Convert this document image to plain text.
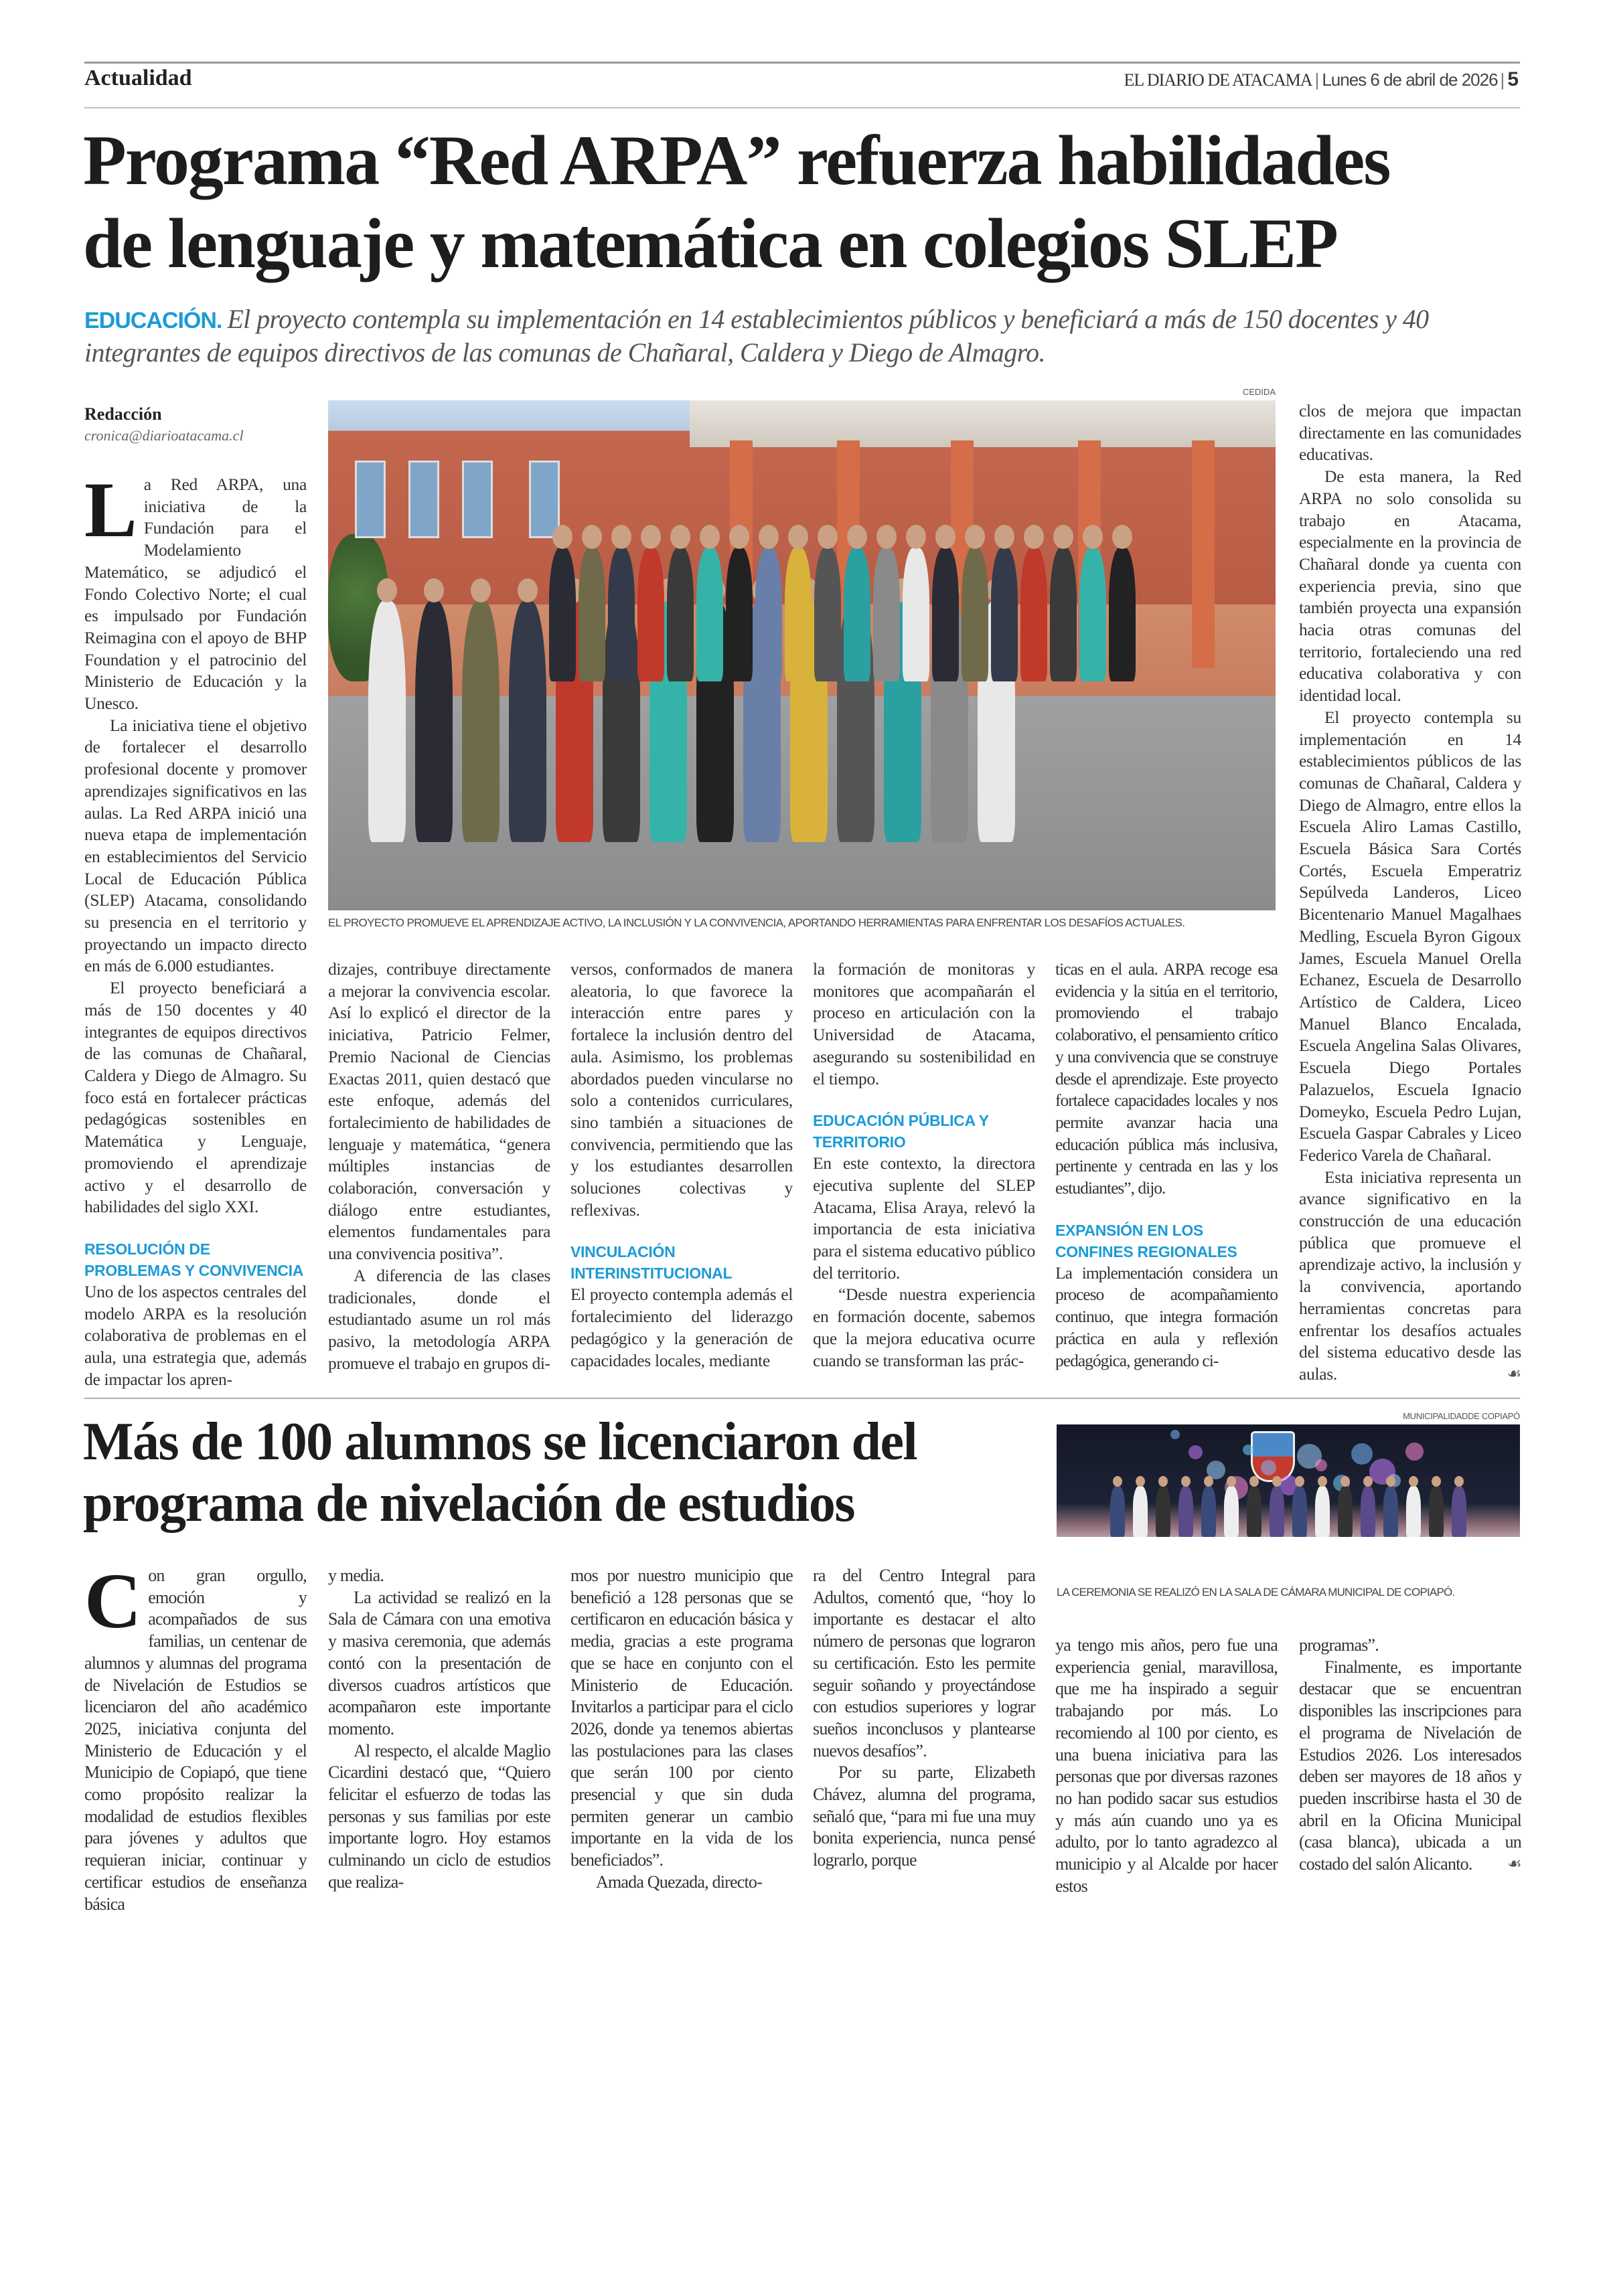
Actualidad	EL DIARIO DE ATACAMA | Lunes 6 de abril de 2026 | 5
Programa “Red ARPA” refuerza habilidades
de lenguaje y matemática en colegios SLEP
EDUCACIÓN. El proyecto contempla su implementación en 14 establecimientos públicos y beneficiará a más de 150 docentes y 40 integrantes de equipos directivos de las comunas de Chañaral, Caldera y Diego de Almagro.
Redacción
cronica@diarioatacama.cl
CEDIDA
EL PROYECTO PROMUEVE EL APRENDIZAJE ACTIVO, LA INCLUSIÓN Y LA CONVIVENCIA, APORTANDO HERRAMIENTAS PARA ENFRENTAR LOS DESAFÍOS ACTUALES.

La Red ARPA, una iniciativa de la Fundación para el Modelamiento Matemático, se adjudicó el Fondo Colectivo Norte; el cual es impulsado por Fundación Reimagina con el apoyo de BHP Foundation y el patrocinio del Ministerio de Educación y la Unesco.

La iniciativa tiene el objetivo de fortalecer el desarrollo profesional docente y promover aprendizajes significativos en las aulas. La Red ARPA inició una nueva etapa de implementación en establecimientos del Servicio Local de Educación Pública (SLEP) Atacama, consolidando su presencia en el territorio y proyectando un impacto directo en más de 6.000 estudiantes.

El proyecto beneficiará a más de 150 docentes y 40 integrantes de equipos directivos de las comunas de Chañaral, Caldera y Diego de Almagro. Su foco está en fortalecer prácticas pedagógicas sostenibles en Matemática y Lenguaje, promoviendo el aprendizaje activo y el desarrollo de habilidades del siglo XXI.

RESOLUCIÓN DE PROBLEMAS Y CONVIVENCIA

Uno de los aspectos centrales del modelo ARPA es la resolución colaborativa de problemas en el aula, una estrategia que, además de impactar los apren-

dizajes, contribuye directamente a mejorar la convivencia escolar. Así lo explicó el director de la iniciativa, Patricio Felmer, Premio Nacional de Ciencias Exactas 2011, quien destacó que este enfoque, además del fortalecimiento de habilidades de lenguaje y matemática, “genera múltiples instancias de colaboración, conversación y diálogo entre estudiantes, elementos fundamentales para una convivencia positiva”.

A diferencia de las clases tradicionales, donde el estudiantado asume un rol más pasivo, la metodología ARPA promueve el trabajo en grupos di-

versos, conformados de manera aleatoria, lo que favorece la interacción entre pares y fortalece la inclusión dentro del aula. Asimismo, los problemas abordados pueden vincularse no solo a contenidos curriculares, sino también a situaciones de convivencia, permitiendo que las y los estudiantes desarrollen soluciones colectivas y reflexivas.

VINCULACIÓN INTERINSTITUCIONAL

El proyecto contempla además el fortalecimiento del liderazgo pedagógico y la generación de capacidades locales, mediante

la formación de monitoras y monitores que acompañarán el proceso en articulación con la Universidad de Atacama, asegurando su sostenibilidad en el tiempo.

EDUCACIÓN PÚBLICA Y TERRITORIO

En este contexto, la directora ejecutiva suplente del SLEP Atacama, Elisa Araya, relevó la importancia de esta iniciativa para el sistema educativo público del territorio.

“Desde nuestra experiencia en formación docente, sabemos que la mejora educativa ocurre cuando se transforman las prác-

ticas en el aula. ARPA recoge esa evidencia y la sitúa en el territorio, promoviendo el trabajo colaborativo, el pensamiento crítico y una convivencia que se construye desde el aprendizaje. Este proyecto fortalece capacidades locales y nos permite avanzar hacia una educación pública más inclusiva, pertinente y centrada en las y los estudiantes”, dijo.

EXPANSIÓN EN LOS CONFINES REGIONALES

La implementación considera un proceso de acompañamiento continuo, que integra formación práctica en aula y reflexión pedagógica, generando ci-

clos de mejora que impactan directamente en las comunidades educativas.

De esta manera, la Red ARPA no solo consolida su trabajo en Atacama, especialmente en la provincia de Chañaral donde ya cuenta con experiencia previa, sino que también proyecta una expansión hacia otras comunas del territorio, fortaleciendo una red educativa colaborativa y con identidad local.

El proyecto contempla su implementación en 14 establecimientos públicos de las comunas de Chañaral, Caldera y Diego de Almagro, entre ellos la Escuela Aliro Lamas Castillo, Escuela Básica Sara Cortés Cortés, Escuela Emperatriz Sepúlveda Landeros, Liceo Bicentenario Manuel Magalhaes Medling, Escuela Byron Gigoux James, Escuela Manuel Orella Echanez, Escuela de Desarrollo Artístico de Caldera, Liceo Manuel Blanco Encalada, Escuela Angelina Salas Olivares, Escuela Diego Portales Palazuelos, Escuela Ignacio Domeyko, Escuela Pedro Lujan, Escuela Gaspar Cabrales y Liceo Federico Varela de Chañaral.

Esta iniciativa representa un avance significativo en la construcción de una educación pública que promueve el aprendizaje activo, la inclusión y la convivencia, aportando herramientas concretas para enfrentar los desafíos actuales del sistema educativo desde las aulas.	☙

Más de 100 alumnos se licenciaron del
programa de nivelación de estudios
MUNICIPALIDADDE COPIAPÓ
LA CEREMONIA SE REALIZÓ EN LA SALA DE CÁMARA MUNICIPAL DE COPIAPÓ.

Con gran orgullo, emoción y acompañados de sus familias, un centenar de alumnos y alumnas del programa de Nivelación de Estudios se licenciaron del año académico 2025, iniciativa conjunta del Ministerio de Educación y el Municipio de Copiapó, que tiene como propósito realizar la modalidad de estudios flexibles para jóvenes y adultos que requieran iniciar, continuar y certificar estudios de enseñanza básica

y media.

La actividad se realizó en la Sala de Cámara con una emotiva y masiva ceremonia, que además contó con la presentación de diversos cuadros artísticos que acompañaron este importante momento.

Al respecto, el alcalde Maglio Cicardini destacó que, “Quiero felicitar el esfuerzo de todas las personas y sus familias por este importante logro. Hoy estamos culminando un ciclo de estudios que realiza-

mos por nuestro municipio que benefició a 128 personas que se certificaron en educación básica y media, gracias a este programa que se hace en conjunto con el Ministerio de Educación. Invitarlos a participar para el ciclo 2026, donde ya tenemos abiertas las postulaciones para las clases que serán 100 por ciento presencial y que sin duda permiten generar un cambio importante en la vida de los beneficiados”.

Amada Quezada, directo-

ra del Centro Integral para Adultos, comentó que, “hoy lo importante es destacar el alto número de personas que lograron su certificación. Esto les permite seguir soñando y proyectándose con estudios superiores y lograr sueños inconclusos y plantearse nuevos desafíos”.

Por su parte, Elizabeth Chávez, alumna del programa, señaló que, “para mi fue una muy bonita experiencia, nunca pensé lograrlo, porque

ya tengo mis años, pero fue una experiencia genial, maravillosa, que me ha inspirado a seguir trabajando por más. Lo recomiendo al 100 por ciento, es una buena iniciativa para las personas que por diversas razones no han podido sacar sus estudios y más aún cuando uno ya es adulto, por lo tanto agradezco al municipio y al Alcalde por hacer estos

programas”.

Finalmente, es importante destacar que se encuentran disponibles las inscripciones para el programa de Nivelación de Estudios 2026. Los interesados deben ser mayores de 18 años y pueden inscribirse hasta el 30 de abril en la Oficina Municipal (casa blanca), ubicada a un costado del salón Alicanto.	☙
